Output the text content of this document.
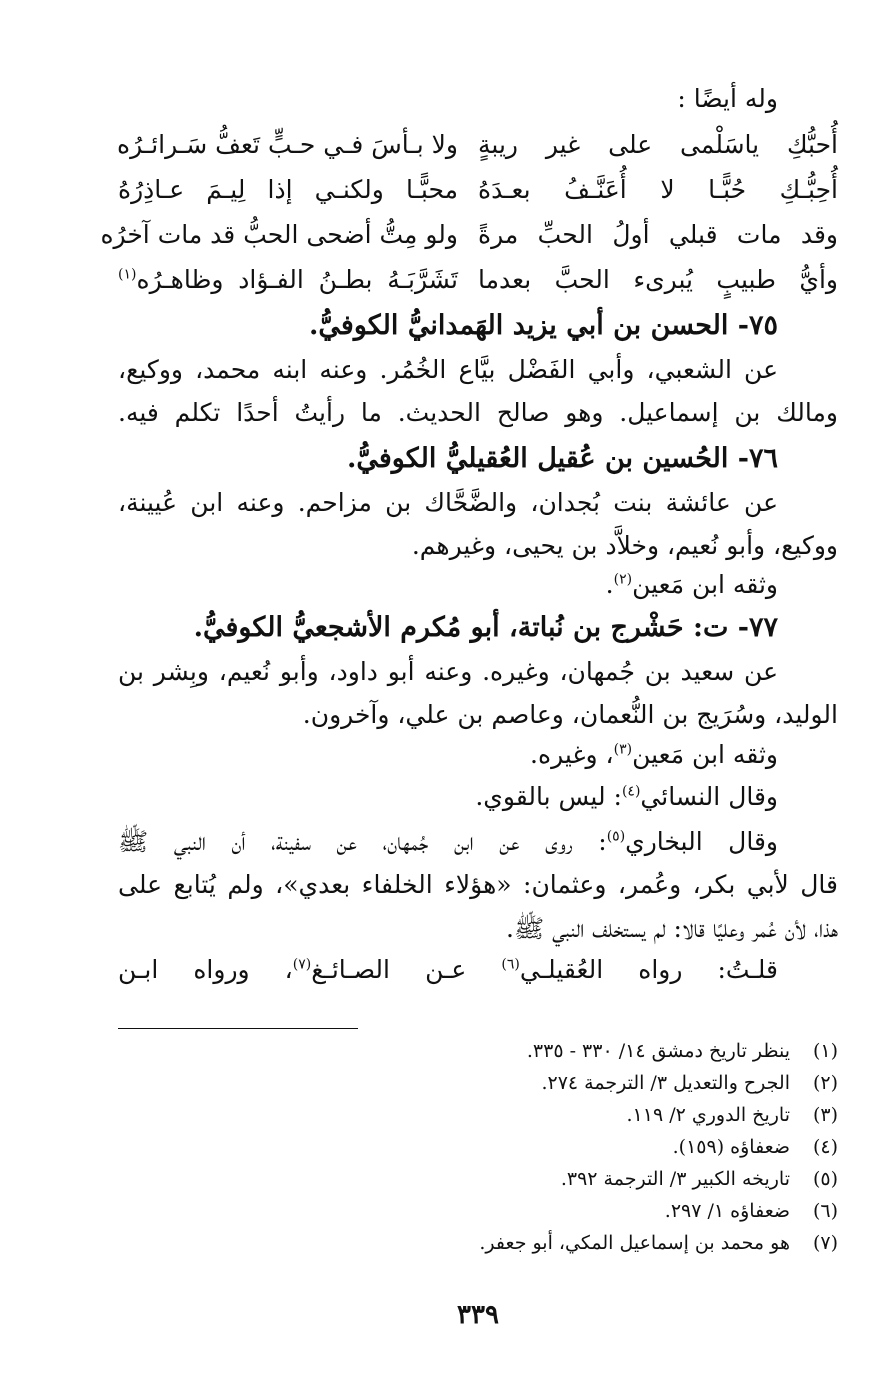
وله أيضًا :
أُحبُّكِ ياسَلْمى على غير ريبةٍ
ولا بـأسَ فـي حـبٍّ تَعفُّ سَـرائـرُه
أُحِبُّـكِ حُبًّـا لا أُعَنَّـفُ بعـدَهُ
محبًّـا ولكنـي إذا لِيـمَ عـاذِرُهُ
وقد مات قبلي أولُ الحبِّ مرةً
ولو مِتُّ أضحى الحبُّ قد مات آخرُه
وأيُّ طبيبٍ يُبرىء الحبَّ بعدما
تَشَرَّبَـهُ بطـنُ الفـؤاد وظاهـرُه$^{(١)}$
٧٥- الحسن بن أبي يزيد الهَمدانيُّ الكوفيُّ.
عن الشعبي، وأبي الفَضْل بيَّاع الخُمُر. وعنه ابنه محمد، ووكيع،
ومالك بن إسماعيل. وهو صالح الحديث. ما رأيتُ أحدًا تكلم فيه.
٧٦- الحُسين بن عُقيل العُقيليُّ الكوفيُّ.
عن عائشة بنت بُجدان، والضَّحَّاك بن مزاحم. وعنه ابن عُيينة،
ووكيع، وأبو نُعيم، وخلاَّد بن يحيى، وغيرهم.
وثقه ابن مَعين$^{(٢)}$.
٧٧- ت: حَشْرج بن نُباتة، أبو مُكرم الأشجعيُّ الكوفيُّ.
عن سعيد بن جُمهان، وغيره. وعنه أبو داود، وأبو نُعيم، وبِشر بن
الوليد، وسُرَيج بن النُّعمان، وعاصم بن علي، وآخرون.
وثقه ابن مَعين$^{(٣)}$، وغيره.
وقال النسائي$^{(٤)}$: ليس بالقوي.
وقال البخاري$^{(٥)}$: روى عن ابن جُمهان، عن سفينة، أن النبي ﷺ
قال لأبي بكر، وعُمر، وعثمان: «هؤلاء الخلفاء بعدي»، ولم يُتابع على
هذا، لأن عُمر وعليًا قالا: لم يستخلف النبي ﷺ.
قلـتُ: رواه العُقيلـي$^{(٦)}$ عـن الصـائـغ$^{(٧)}$، ورواه ابـن
(١)ينظر تاريخ دمشق ١٤/ ٣٣٠ - ٣٣٥.
(٢)الجرح والتعديل ٣/ الترجمة ٢٧٤.
(٣)تاريخ الدوري ٢/ ١١٩.
(٤)ضعفاؤه (١٥٩).
(٥)تاريخه الكبير ٣/ الترجمة ٣٩٢.
(٦)ضعفاؤه ١/ ٢٩٧.
(٧)هو محمد بن إسماعيل المكي، أبو جعفر.
٣٣٩
